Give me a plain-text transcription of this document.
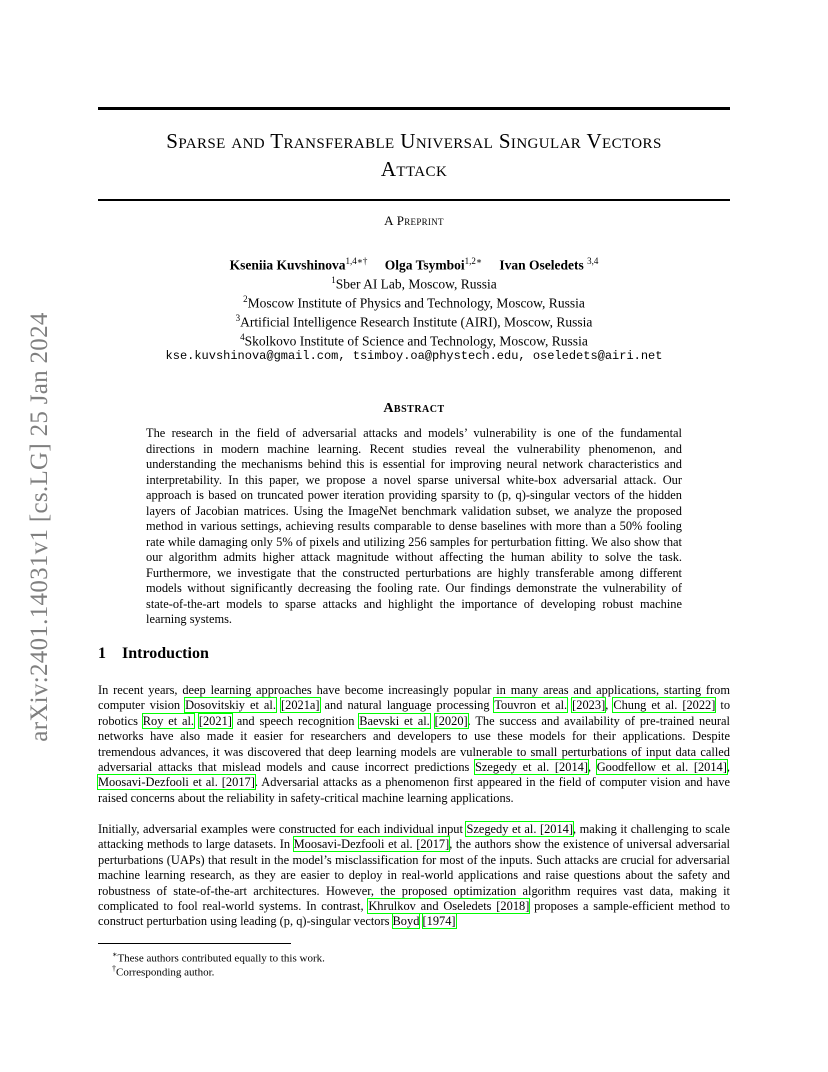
arXiv:2401.14031v1 [cs.LG] 25 Jan 2024
Sparse and Transferable Universal Singular Vectors
Attack
A Preprint
Kseniia Kuvshinova$^{1,4∗\dagger}$ Olga Tsymboi$^{1,2∗}$ Ivan Oseledets $^{3,4}$
$^1$Sber AI Lab, Moscow, Russia
$^2$Moscow Institute of Physics and Technology, Moscow, Russia
$^3$Artificial Intelligence Research Institute (AIRI), Moscow, Russia
$^4$Skolkovo Institute of Science and Technology, Moscow, Russia
kse.kuvshinova@gmail.com, tsimboy.oa@phystech.edu, oseledets@airi.net
Abstract
The research in the field of adversarial attacks and models’ vulnerability is one of the fundamental directions in modern machine learning. Recent studies reveal the vulnerability phenomenon, and understanding the mechanisms behind this is essential for improving neural network characteristics and interpretability. In this paper, we propose a novel sparse universal white-box adversarial attack. Our approach is based on truncated power iteration providing sparsity to (p, q)-singular vectors of the hidden layers of Jacobian matrices. Using the ImageNet benchmark validation subset, we analyze the proposed method in various settings, achieving results comparable to dense baselines with more than a 50% fooling rate while damaging only 5% of pixels and utilizing 256 samples for perturbation fitting. We also show that our algorithm admits higher attack magnitude without affecting the human ability to solve the task. Furthermore, we investigate that the constructed perturbations are highly transferable among different models without significantly decreasing the fooling rate. Our findings demonstrate the vulnerability of state-of-the-art models to sparse attacks and highlight the importance of developing robust machine learning systems.
1 Introduction
In recent years, deep learning approaches have become increasingly popular in many areas and applications, starting from computer vision Dosovitskiy et al. [2021a] and natural language processing Touvron et al. [2023], Chung et al. [2022] to robotics Roy et al. [2021] and speech recognition Baevski et al. [2020]. The success and availability of pre-trained neural networks have also made it easier for researchers and developers to use these models for their applications. Despite tremendous advances, it was discovered that deep learning models are vulnerable to small perturbations of input data called adversarial attacks that mislead models and cause incorrect predictions Szegedy et al. [2014], Goodfellow et al. [2014], Moosavi-Dezfooli et al. [2017]. Adversarial attacks as a phenomenon first appeared in the field of computer vision and have raised concerns about the reliability in safety-critical machine learning applications.
Initially, adversarial examples were constructed for each individual input Szegedy et al. [2014], making it challenging to scale attacking methods to large datasets. In Moosavi-Dezfooli et al. [2017], the authors show the existence of universal adversarial perturbations (UAPs) that result in the model’s misclassification for most of the inputs. Such attacks are crucial for adversarial machine learning research, as they are easier to deploy in real-world applications and raise questions about the safety and robustness of state-of-the-art architectures. However, the proposed optimization algorithm requires vast data, making it complicated to fool real-world systems. In contrast, Khrulkov and Oseledets [2018] proposes a sample-efficient method to construct perturbation using leading (p, q)-singular vectors Boyd [1974]
∗These authors contributed equally to this work.
†Corresponding author.
